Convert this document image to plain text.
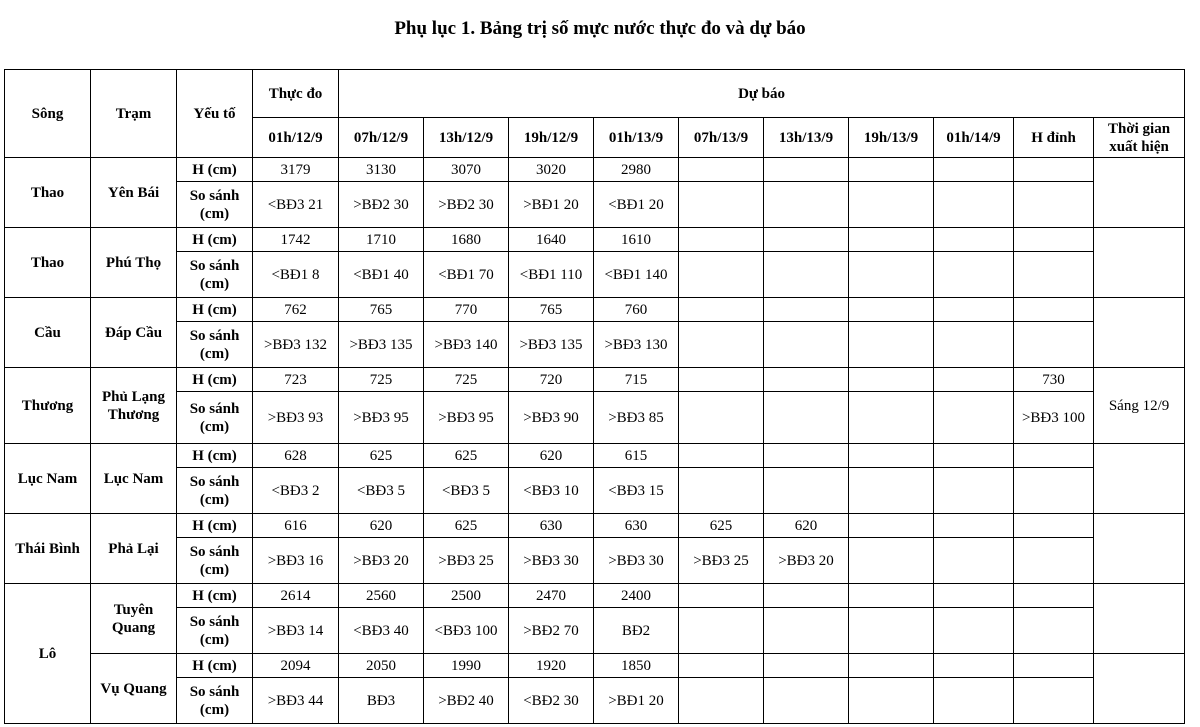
Phụ lục 1. Bảng trị số mực nước thực đo và dự báo
Sông	Trạm	Yếu tố	Thực đo	Dự báo									
			01h/12/9	07h/12/9	13h/12/9	19h/12/9	01h/13/9	07h/13/9	13h/13/9	19h/13/9	01h/14/9	H đỉnh	Thời gian xuất hiện
Thao	Yên Bái	H (cm)	3179	3130	3070	3020	2980						
		So sánh (cm)	<BĐ3 21	>BĐ2 30	>BĐ2 30	>BĐ1 20	<BĐ1 20						
Thao	Phú Thọ	H (cm)	1742	1710	1680	1640	1610						
		So sánh (cm)	<BĐ1 8	<BĐ1 40	<BĐ1 70	<BĐ1 110	<BĐ1 140						
Cầu	Đáp Cầu	H (cm)	762	765	770	765	760						
		So sánh (cm)	>BĐ3 132	>BĐ3 135	>BĐ3 140	>BĐ3 135	>BĐ3 130						
Thương	Phủ Lạng Thương	H (cm)	723	725	725	720	715					730	Sáng 12/9
		So sánh (cm)	>BĐ3 93	>BĐ3 95	>BĐ3 95	>BĐ3 90	>BĐ3 85					>BĐ3 100	
Lục Nam	Lục Nam	H (cm)	628	625	625	620	615						
		So sánh (cm)	<BĐ3 2	<BĐ3 5	<BĐ3 5	<BĐ3 10	<BĐ3 15						
Thái Bình	Phả Lại	H (cm)	616	620	625	630	630	625	620				
		So sánh (cm)	>BĐ3 16	>BĐ3 20	>BĐ3 25	>BĐ3 30	>BĐ3 30	>BĐ3 25	>BĐ3 20				
Lô	Tuyên Quang	H (cm)	2614	2560	2500	2470	2400						
		So sánh (cm)	>BĐ3 14	<BĐ3 40	<BĐ3 100	>BĐ2 70	BĐ2						
	Vụ Quang	H (cm)	2094	2050	1990	1920	1850						
		So sánh (cm)	>BĐ3 44	BĐ3	>BĐ2 40	<BĐ2 30	>BĐ1 20						
